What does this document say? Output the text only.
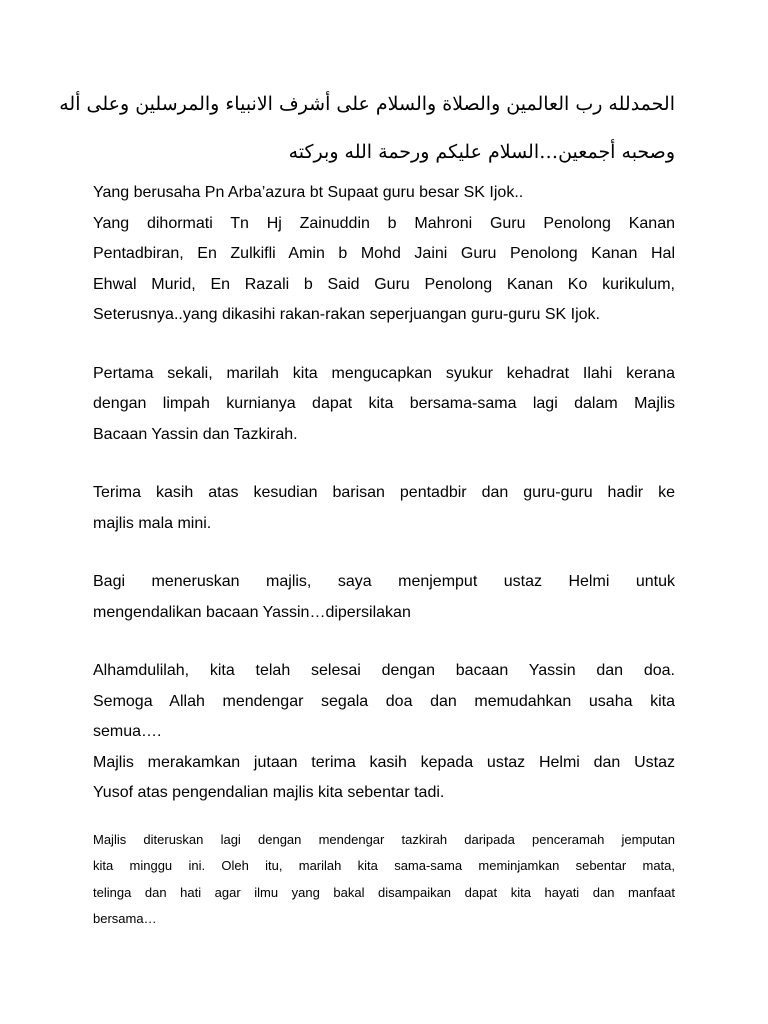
الحمدلله رب العالمين والصلاة والسلام على أشرف الانبياء والمرسلين وعلى أله
وصحبه أجمعين…السلام عليكم ورحمة الله وبركته

Yang berusaha Pn Arba’azura bt Supaat guru besar SK Ijok..
Yang dihormati Tn Hj Zainuddin b Mahroni Guru Penolong Kanan
Pentadbiran, En Zulkifli Amin b Mohd Jaini Guru Penolong Kanan Hal
Ehwal Murid, En Razali b Said Guru Penolong Kanan Ko kurikulum,
Seterusnya..yang dikasihi rakan-rakan seperjuangan guru-guru SK Ijok.

Pertama sekali, marilah kita mengucapkan syukur kehadrat Ilahi kerana
dengan limpah kurnianya dapat kita bersama-sama lagi dalam Majlis
Bacaan Yassin dan Tazkirah.

Terima kasih atas kesudian barisan pentadbir dan guru-guru hadir ke
majlis mala mini.

Bagi meneruskan majlis, saya menjemput ustaz Helmi untuk
mengendalikan bacaan Yassin…dipersilakan

Alhamdulilah, kita telah selesai dengan bacaan Yassin dan doa.
Semoga Allah mendengar segala doa dan memudahkan usaha kita
semua….
Majlis merakamkan jutaan terima kasih kepada ustaz Helmi dan Ustaz
Yusof atas pengendalian majlis kita sebentar tadi.

Majlis diteruskan lagi dengan mendengar tazkirah daripada penceramah jemputan
kita minggu ini. Oleh itu, marilah kita sama-sama meminjamkan sebentar mata,
telinga dan hati agar ilmu yang bakal disampaikan dapat kita hayati dan manfaat
bersama…
